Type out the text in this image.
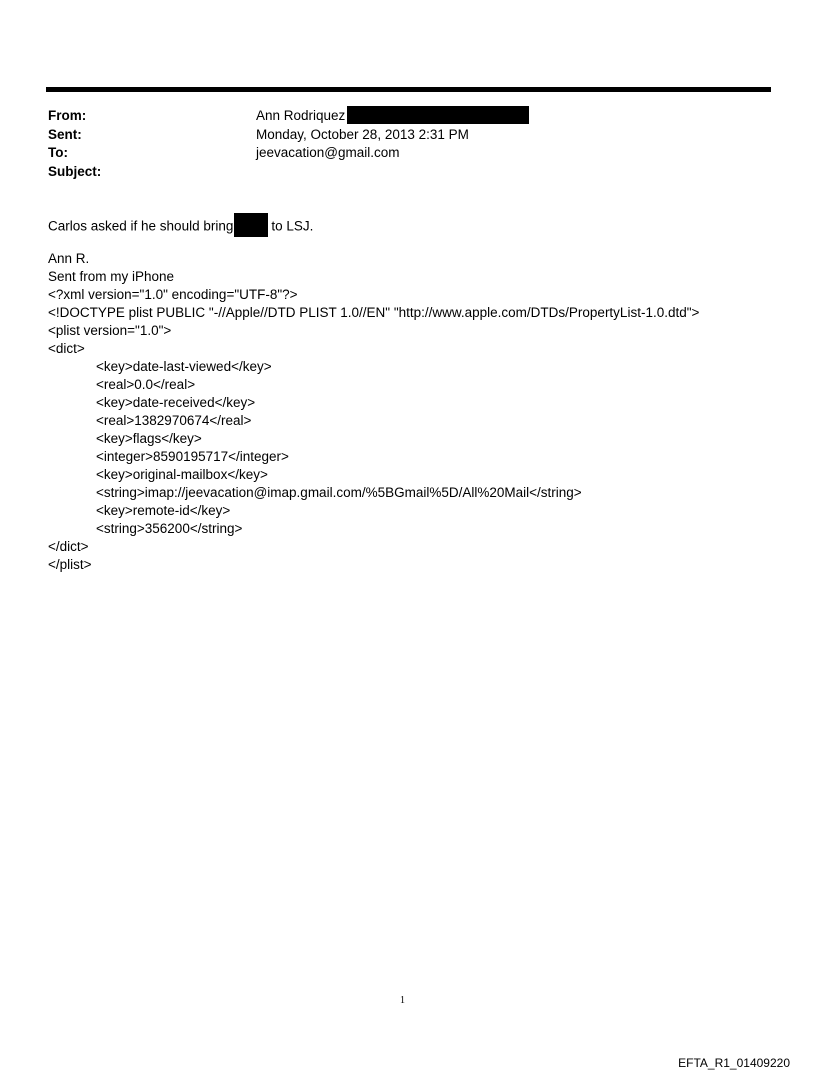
From:	Ann Rodriquez
Sent:	Monday, October 28, 2013 2:31 PM
To:	jeevacation@gmail.com
Subject:
Carlos asked if he should bring	to LSJ.
Ann R.
Sent from my iPhone
<?xml version="1.0" encoding="UTF-8"?>
<!DOCTYPE plist PUBLIC "-//Apple//DTD PLIST 1.0//EN" "http://www.apple.com/DTDs/PropertyList-1.0.dtd">
<plist version="1.0">
<dict>
<key>date-last-viewed</key>
<real>0.0</real>
<key>date-received</key>
<real>1382970674</real>
<key>flags</key>
<integer>8590195717</integer>
<key>original-mailbox</key>
<string>imap://jeevacation@imap.gmail.com/%5BGmail%5D/All%20Mail</string>
<key>remote-id</key>
<string>356200</string>
</dict>
</plist>
1
EFTA_R1_01409220
